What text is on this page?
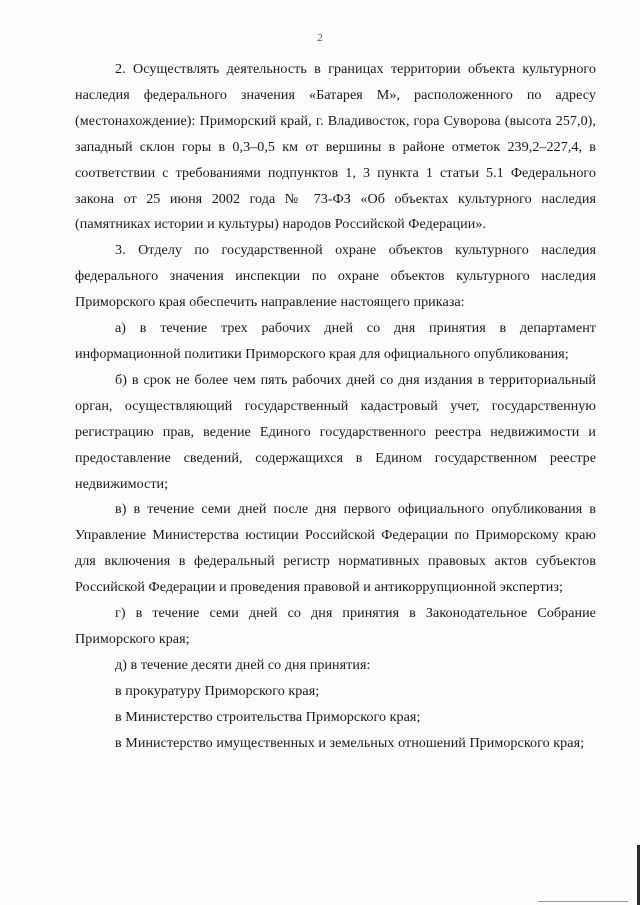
2

2. Осуществлять деятельность в границах территории объекта культурного наследия федерального значения «Батарея М», расположенного по адресу (местонахождение): Приморский край, г. Владивосток, гора Суворова (высота 257,0), западный склон горы в 0,3–0,5 км от вершины в районе отметок 239,2–227,4, в соответствии с требованиями подпунктов 1, 3 пункта 1 статьи 5.1 Федерального закона от 25 июня 2002 года № 73-ФЗ «Об объектах культурного наследия (памятниках истории и культуры) народов Российской Федерации».

3. Отделу по государственной охране объектов культурного наследия федерального значения инспекции по охране объектов культурного наследия Приморского края обеспечить направление настоящего приказа:

а) в течение трех рабочих дней со дня принятия в департамент информационной политики Приморского края для официального опубликования;

б) в срок не более чем пять рабочих дней со дня издания в территориальный орган, осуществляющий государственный кадастровый учет, государственную регистрацию прав, ведение Единого государственного реестра недвижимости и предоставление сведений, содержащихся в Едином государственном реестре недвижимости;

в) в течение семи дней после дня первого официального опубликования в Управление Министерства юстиции Российской Федерации по Приморскому краю для включения в федеральный регистр нормативных правовых актов субъектов Российской Федерации и проведения правовой и антикоррупционной экспертиз;

г) в течение семи дней со дня принятия в Законодательное Собрание Приморского края;

д) в течение десяти дней со дня принятия:

в прокуратуру Приморского края;

в Министерство строительства Приморского края;

в Министерство имущественных и земельных отношений Приморского края;
